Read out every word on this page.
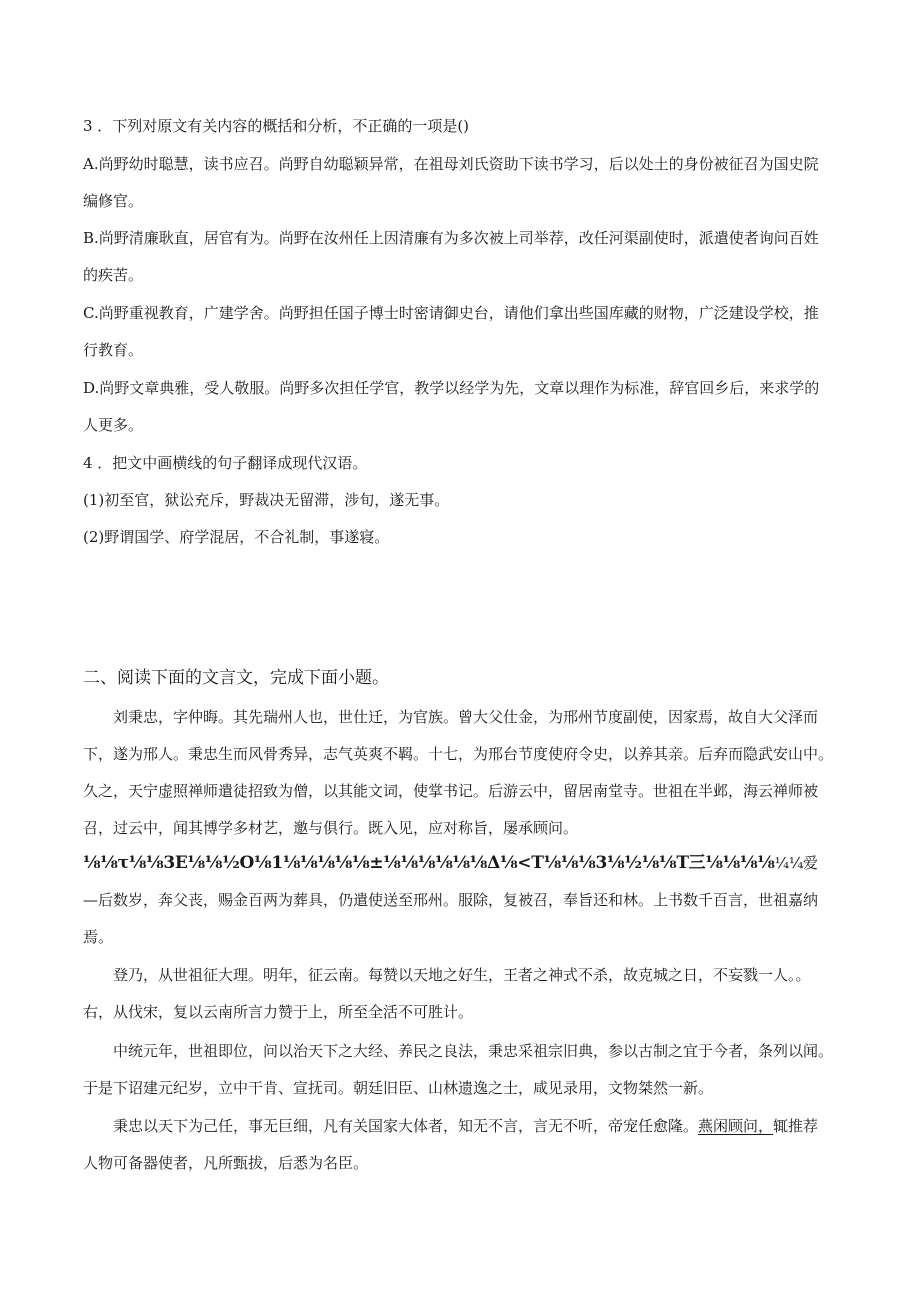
3 ．下列对原文有关内容的概括和分析，不正确的一项是()
A.尚野幼时聪慧，读书应召。尚野自幼聪颖异常，在祖母刘氏资助下读书学习，后以处土的身份被征召为国史院
编修官。
B.尚野清廉耿直，居官有为。尚野在汝州任上因清廉有为多次被上司举荐，改任河渠副使时，派遣使者询问百姓
的疾苦。
C.尚野重视教育，广建学舍。尚野担任国子博士时密请御史台，请他们拿出些国库藏的财物，广泛建设学校，推
行教育。
D.尚野文章典雅，受人敬服。尚野多次担任学官，教学以经学为先，文章以理作为标准，辞官回乡后，来求学的
人更多。
4 ．把文中画横线的句子翻译成现代汉语。
(1)初至官，狱讼充斥，野裁决无留滞，涉旬，遂无事。
(2)野谓国学、府学混居，不合礼制，事遂寝。
二、阅读下面的文言文，完成下面小题。
刘秉忠，字仲晦。其先瑞州人也，世仕迁，为官族。曾大父仕金，为邢州节度副使，因家焉，故自大父泽而
下，遂为邢人。秉忠生而风骨秀异，志气英爽不羁。十七，为邢台节度使府令史，以养其亲。后弃而隐武安山中。
久之，天宁虚照禅师遣徒招致为僧，以其能文词，使掌书记。后游云中，留居南堂寺。世祖在半邺，海云禅师被
召，过云中，闻其博学多材艺，邀与俱行。既入见，应对称旨，屡承顾问。
⅛⅛τ⅛⅛3E⅛⅛½O⅛1⅛⅛⅛⅛⅛±⅛⅛⅛⅛⅛⅛Δ⅛<T⅛⅛⅛3⅛½⅛⅛T三⅛⅛⅛⅛¼¼爱
—后数岁，奔父丧，赐金百两为葬具，仍遣使送至邢州。服除，复被召，奉旨还和林。上书数千百言，世祖嘉纳
焉。
登乃，从世祖征大理。明年，征云南。每赞以天地之好生，王者之神式不杀，故克城之日，不妄戮一人。。
右，从伐宋，复以云南所言力赞于上，所至全活不可胜计。
中统元年，世祖即位，问以治天下之大经、养民之良法，秉忠采祖宗旧典，参以古制之宜于今者，条列以闻。
于是下诏建元纪岁，立中干肯、宣抚司。朝廷旧臣、山林遗逸之士，咸见录用，文物桀然一新。
秉忠以天下为己任，事无巨细，凡有关国家大体者，知无不言，言无不听，帝宠任愈隆。燕闲顾问，辄推荐
人物可备器使者，凡所甄拔，后悉为名臣。
